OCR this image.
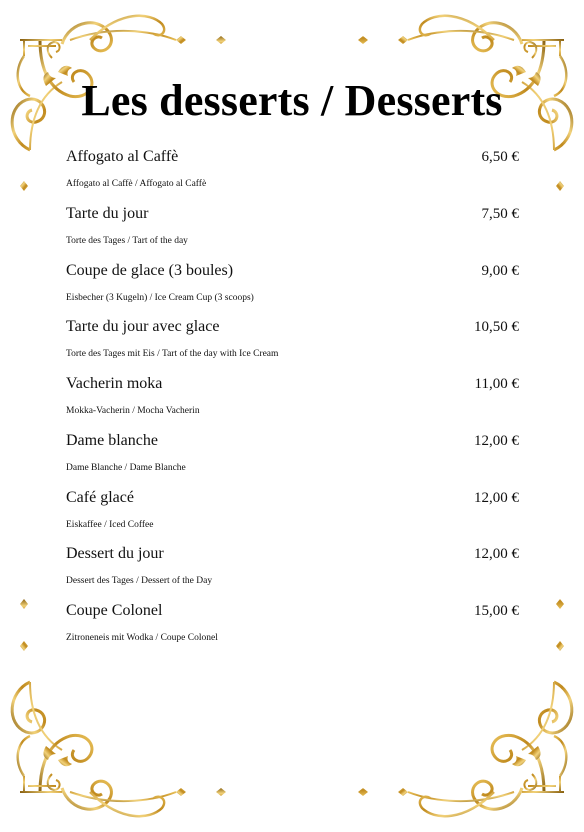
Les desserts / Desserts
Affogato al Caffè	6,50 €
Affogato al Caffè / Affogato al Caffè
Tarte du jour	7,50 €
Torte des Tages / Tart of the day
Coupe de glace (3 boules)	9,00 €
Eisbecher (3 Kugeln) / Ice Cream Cup (3 scoops)
Tarte du jour avec glace	10,50 €
Torte des Tages mit Eis / Tart of the day with Ice Cream
Vacherin moka	11,00 €
Mokka-Vacherin / Mocha Vacherin
Dame blanche	12,00 €
Dame Blanche / Dame Blanche
Café glacé	12,00 €
Eiskaffee / Iced Coffee
Dessert du jour	12,00 €
Dessert des Tages / Dessert of the Day
Coupe Colonel	15,00 €
Zitroneneis mit Wodka / Coupe Colonel
